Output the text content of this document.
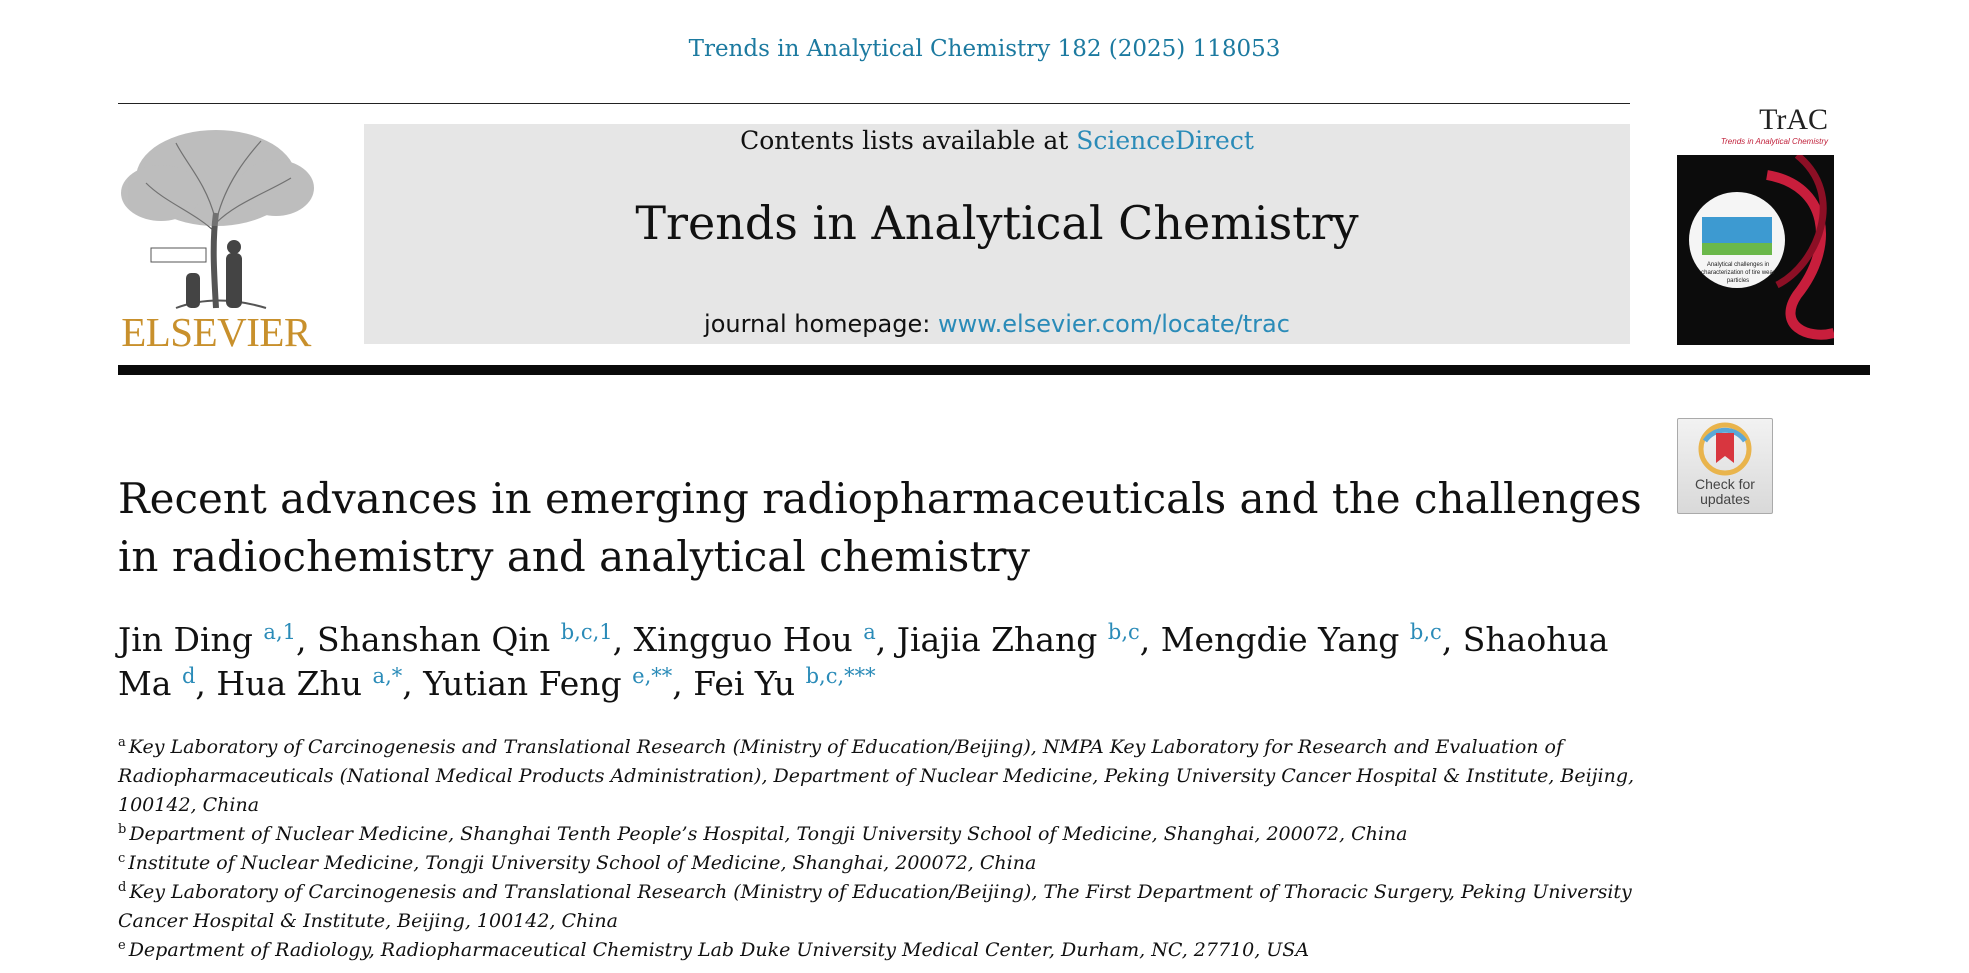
Trends in Analytical Chemistry 182 (2025) 118053
ELSEVIER
Contents lists available at ScienceDirect
Trends in Analytical Chemistry
journal homepage: www.elsevier.com/locate/trac
TrAC
Trends in Analytical Chemistry
Analytical challenges in characterization of tire wear particles
Check for updates
Recent advances in emerging radiopharmaceuticals and the challenges in radiochemistry and analytical chemistry
Jin Ding $^{a,1}$, Shanshan Qin $^{b,c,1}$, Xingguo Hou $^a$, Jiajia Zhang $^{b,c}$, Mengdie Yang $^{b,c}$, Shaohua Ma $^d$, Hua Zhu $^{a,*}$, Yutian Feng $^{e,**}$, Fei Yu $^{b,c,***}$
$^a$ Key Laboratory of Carcinogenesis and Translational Research (Ministry of Education/Beijing), NMPA Key Laboratory for Research and Evaluation of Radiopharmaceuticals (National Medical Products Administration), Department of Nuclear Medicine, Peking University Cancer Hospital & Institute, Beijing, 100142, China
$^b$ Department of Nuclear Medicine, Shanghai Tenth People’s Hospital, Tongji University School of Medicine, Shanghai, 200072, China
$^c$ Institute of Nuclear Medicine, Tongji University School of Medicine, Shanghai, 200072, China
$^d$ Key Laboratory of Carcinogenesis and Translational Research (Ministry of Education/Beijing), The First Department of Thoracic Surgery, Peking University Cancer Hospital & Institute, Beijing, 100142, China
$^e$ Department of Radiology, Radiopharmaceutical Chemistry Lab Duke University Medical Center, Durham, NC, 27710, USA
